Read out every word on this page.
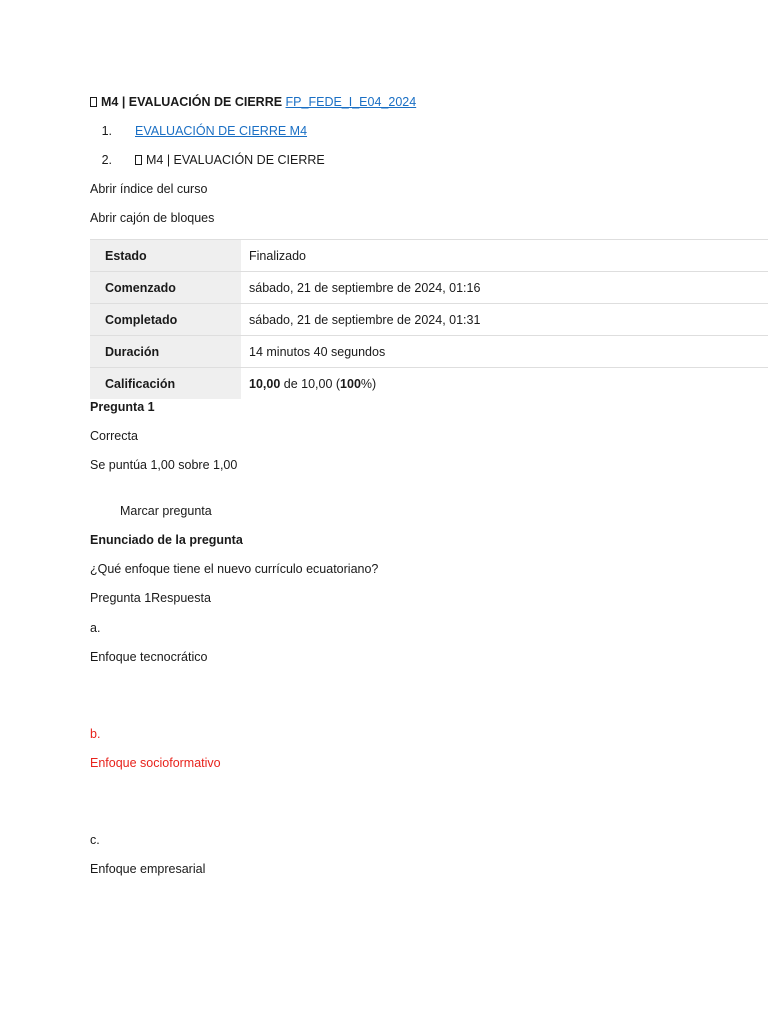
M4 | EVALUACIÓN DE CIERRE FP_FEDE_I_E04_2024
1. EVALUACIÓN DE CIERRE M4
2.	M4 | EVALUACIÓN DE CIERRE
Abrir índice del curso
Abrir cajón de bloques
Estado	Finalizado
Comenzado	sábado, 21 de septiembre de 2024, 01:16
Completado	sábado, 21 de septiembre de 2024, 01:31
Duración	14 minutos 40 segundos
Calificación	10,00 de 10,00 (100%)
Pregunta 1
Correcta
Se puntúa 1,00 sobre 1,00
Marcar pregunta
Enunciado de la pregunta
¿Qué enfoque tiene el nuevo currículo ecuatoriano?
Pregunta 1Respuesta
a.
Enfoque tecnocrático
b.
Enfoque socioformativo
c.
Enfoque empresarial
